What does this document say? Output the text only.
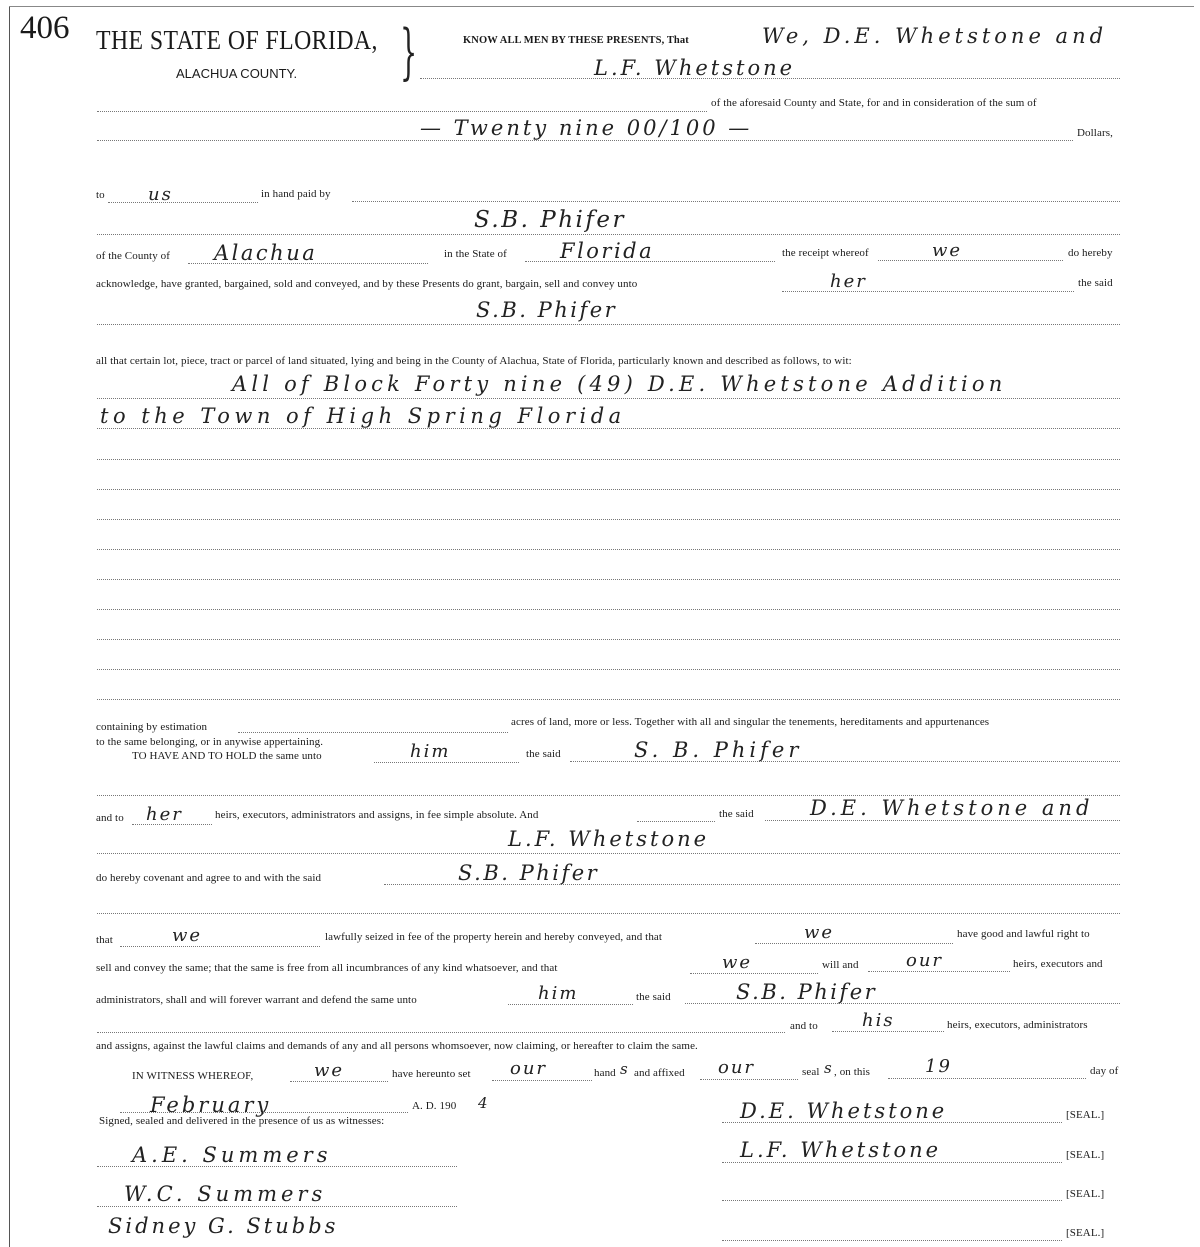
406 THE STATE OF FLORIDA,
ALACHUA COUNTY. }	KNOW ALL MEN BY THESE PRESENTS, That	We, D.E. Whetstone and
L.F. Whetstone
of the aforesaid County and State, for and in consideration of the sum of
— Twenty nine 00/100 —	Dollars,
to us	in hand paid by
S.B. Phifer
of the County of Alachua	in the State of	Florida	the receipt whereof	we	do hereby
acknowledge, have granted, bargained, sold and conveyed, and by these Presents do grant, bargain, sell and convey unto	her	the said
S.B. Phifer
all that certain lot, piece, tract or parcel of land situated, lying and being in the County of Alachua, State of Florida, particularly known and described as follows, to wit:
All of Block Forty nine (49) D.E. Whetstone Addition
to the Town of High Spring Florida
containing by estimation	acres of land, more or less. Together with all and singular the tenements, hereditaments and appurtenances
to the same belonging, or in anywise appertaining.
TO HAVE AND TO HOLD the same unto	him	the said	S. B. Phifer
and to her	heirs, executors, administrators and assigns, in fee simple absolute. And	the said	D.E. Whetstone and
L.F. Whetstone
do hereby covenant and agree to and with the said	S.B. Phifer
that	we	lawfully seized in fee of the property herein and hereby conveyed, and that	we	have good and lawful right to
sell and convey the same; that the same is free from all incumbrances of any kind whatsoever, and that	we	will and	our	heirs, executors and
administrators, shall and will forever warrant and defend the same unto	him	the said	S.B. Phifer
and to his	heirs, executors, administrators
and assigns, against the lawful claims and demands of any and all persons whomsoever, now claiming, or hereafter to claim the same.
IN WITNESS WHEREOF,	we	have hereunto set our	hand s and affixed our	seal s , on this	19	day of
February	A. D. 190 4
Signed, sealed and delivered in the presence of us as witnesses:	D.E. Whetstone	[SEAL.]
L.F. Whetstone	[SEAL.]
[SEAL.]
[SEAL.]
A.E. Summers
W.C. Summers
Sidney G. Stubbs
